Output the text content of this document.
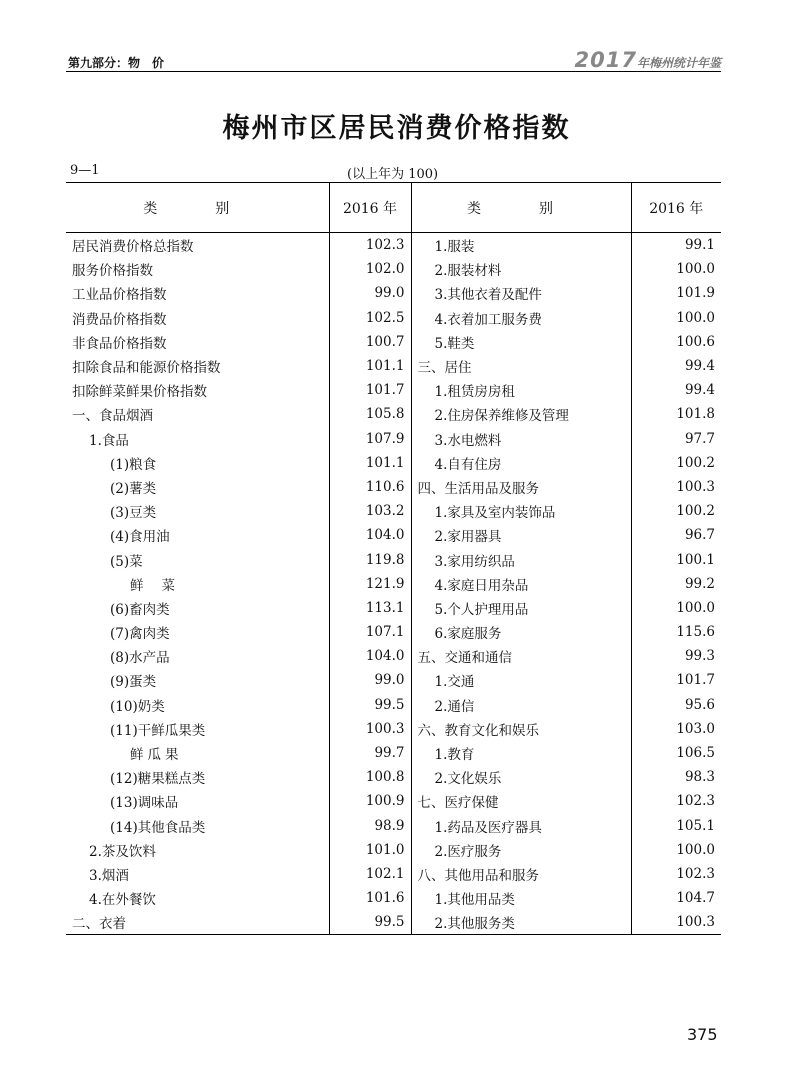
第九部分：物　价	2017年梅州统计年鉴
梅州市区居民消费价格指数
9—1	(以上年为 100)
类　别	2016 年	类　别	2016 年
居民消费价格总指数	102.3	1.服装	99.1
服务价格指数	102.0	2.服装材料	100.0
工业品价格指数	99.0	3.其他衣着及配件	101.9
消费品价格指数	102.5	4.衣着加工服务费	100.0
非食品价格指数	100.7	5.鞋类	100.6
扣除食品和能源价格指数	101.1	三、居住	99.4
扣除鲜菜鲜果价格指数	101.7	1.租赁房房租	99.4
一、食品烟酒	105.8	2.住房保养维修及管理	101.8
1.食品	107.9	3.水电燃料	97.7
(1)粮食	101.1	4.自有住房	100.2
(2)薯类	110.6	四、生活用品及服务	100.3
(3)豆类	103.2	1.家具及室内装饰品	100.2
(4)食用油	104.0	2.家用器具	96.7
(5)菜	119.8	3.家用纺织品	100.1
鲜菜	121.9	4.家庭日用杂品	99.2
(6)畜肉类	113.1	5.个人护理用品	100.0
(7)禽肉类	107.1	6.家庭服务	115.6
(8)水产品	104.0	五、交通和通信	99.3
(9)蛋类	99.0	1.交通	101.7
(10)奶类	99.5	2.通信	95.6
(11)干鲜瓜果类	100.3	六、教育文化和娱乐	103.0
鲜瓜果	99.7	1.教育	106.5
(12)糖果糕点类	100.8	2.文化娱乐	98.3
(13)调味品	100.9	七、医疗保健	102.3
(14)其他食品类	98.9	1.药品及医疗器具	105.1
2.茶及饮料	101.0	2.医疗服务	100.0
3.烟酒	102.1	八、其他用品和服务	102.3
4.在外餐饮	101.6	1.其他用品类	104.7
二、衣着	99.5	2.其他服务类	100.3
375
